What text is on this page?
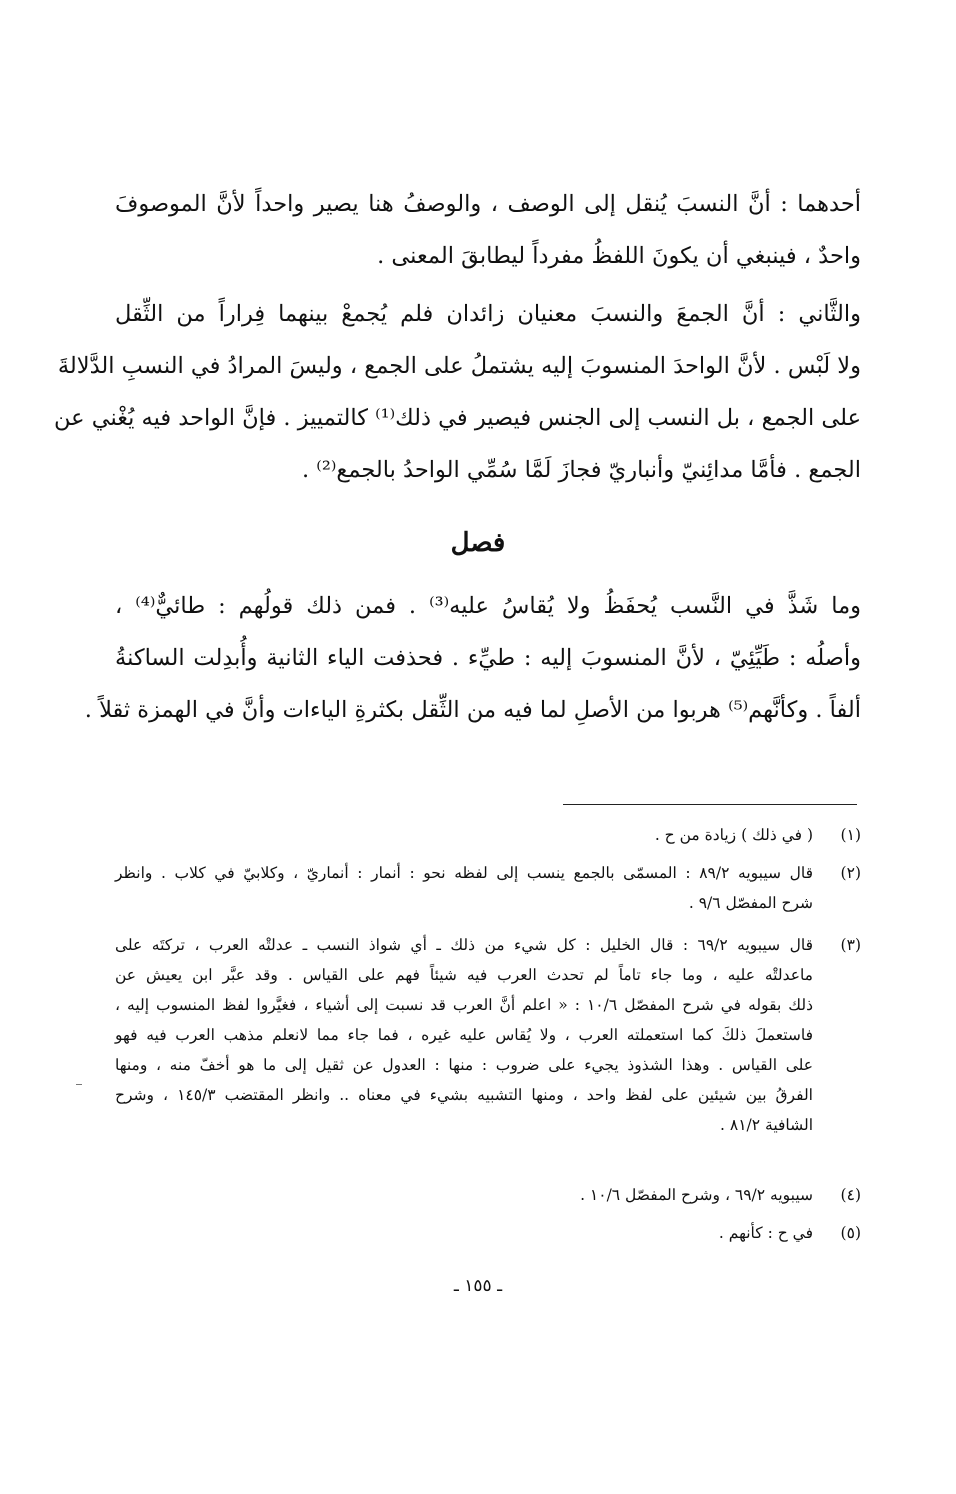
أحدهما : أنَّ النسبَ يُنقل إلى الوصف ، والوصفُ هنا يصير واحداً لأنَّ الموصوفَ
واحدٌ ، فينبغي أن يكونَ اللفظُ مفرداً ليطابقَ المعنى .
والثَّاني : أنَّ الجمعَ والنسبَ معنيان زائدان فلم يُجمعْ بينهما فِراراً من الثِّقل
ولا لَبْس . لأنَّ الواحدَ المنسوبَ إليه يشتملُ على الجمع ، وليسَ المرادُ في النسبِ الدَّلالةَ
على الجمع ، بل النسب إلى الجنس فيصير في ذلك⁽¹⁾ كالتمييز . فإنَّ الواحد فيه يُغْني عن
الجمع . فأمَّا مدائِنيّ وأنباريّ فجازَ لَمَّا سُمِّي الواحدُ بالجمع⁽²⁾ .
فصل
وما شَذَّ في النَّسب يُحفَظُ ولا يُقاسُ عليه⁽³⁾ . فمن ذلك قولُهم : طائيٌّ⁽⁴⁾ ،
وأصلُه : طَيِّئِيّ ، لأنَّ المنسوبَ إليه : طيِّء . فحذفت الياء الثانية وأُبدِلت الساكنةُ
ألفاً . وكأنَّهم⁽⁵⁾ هربوا من الأصلِ لما فيه من الثِّقل بكثرةِ الياءات وأنَّ في الهمزة ثقلاً .
(١)
( في ذلك ) زيادة من ح .
(٢)
قال سيبويه ٨٩/٢ : المسمّى بالجمع ينسب إلى لفظه نحو : أنمار : أنماريّ ، وكلابيّ في كلاب . وانظر
شرح المفصّل ٩/٦ .
(٣)
قال سيبويه ٦٩/٢ : قال الخليل : كل شيء من ذلك ـ أي شواذ النسب ـ عدلتْه العرب ، تركتَه على
ماعدلتْه عليه ، وما جاء تاماً لم تحدث العرب فيه شيئاً فهم على القياس . وقد عبَّر ابن يعيش عن
ذلك بقوله في شرح المفصّل ١٠/٦ : « اعلم أنَّ العرب قد نسبت إلى أشياء ، فغيَّروا لفظ المنسوب إليه ،
فاستعملَ ذلكَ كما استعملته العرب ، ولا يُقاس عليه غيره ، فما جاء مما لانعلم مذهب العرب فيه فهو
على القياس . وهذا الشذوذ يجيء على ضروب : منها : العدول عن ثقيل إلى ما هو أخفّ منه ، ومنها
الفرقُ بين شيئين على لفظ واحد ، ومنها التشبيه بشيء في معناه .. وانظر المقتضب ١٤٥/٣ ، وشرح
الشافية ٨١/٢ .
(٤)
سيبويه ٦٩/٢ ، وشرح المفصّل ١٠/٦ .
(٥)
في ح : كأنهم .
ـ ١٥٥ ـ
